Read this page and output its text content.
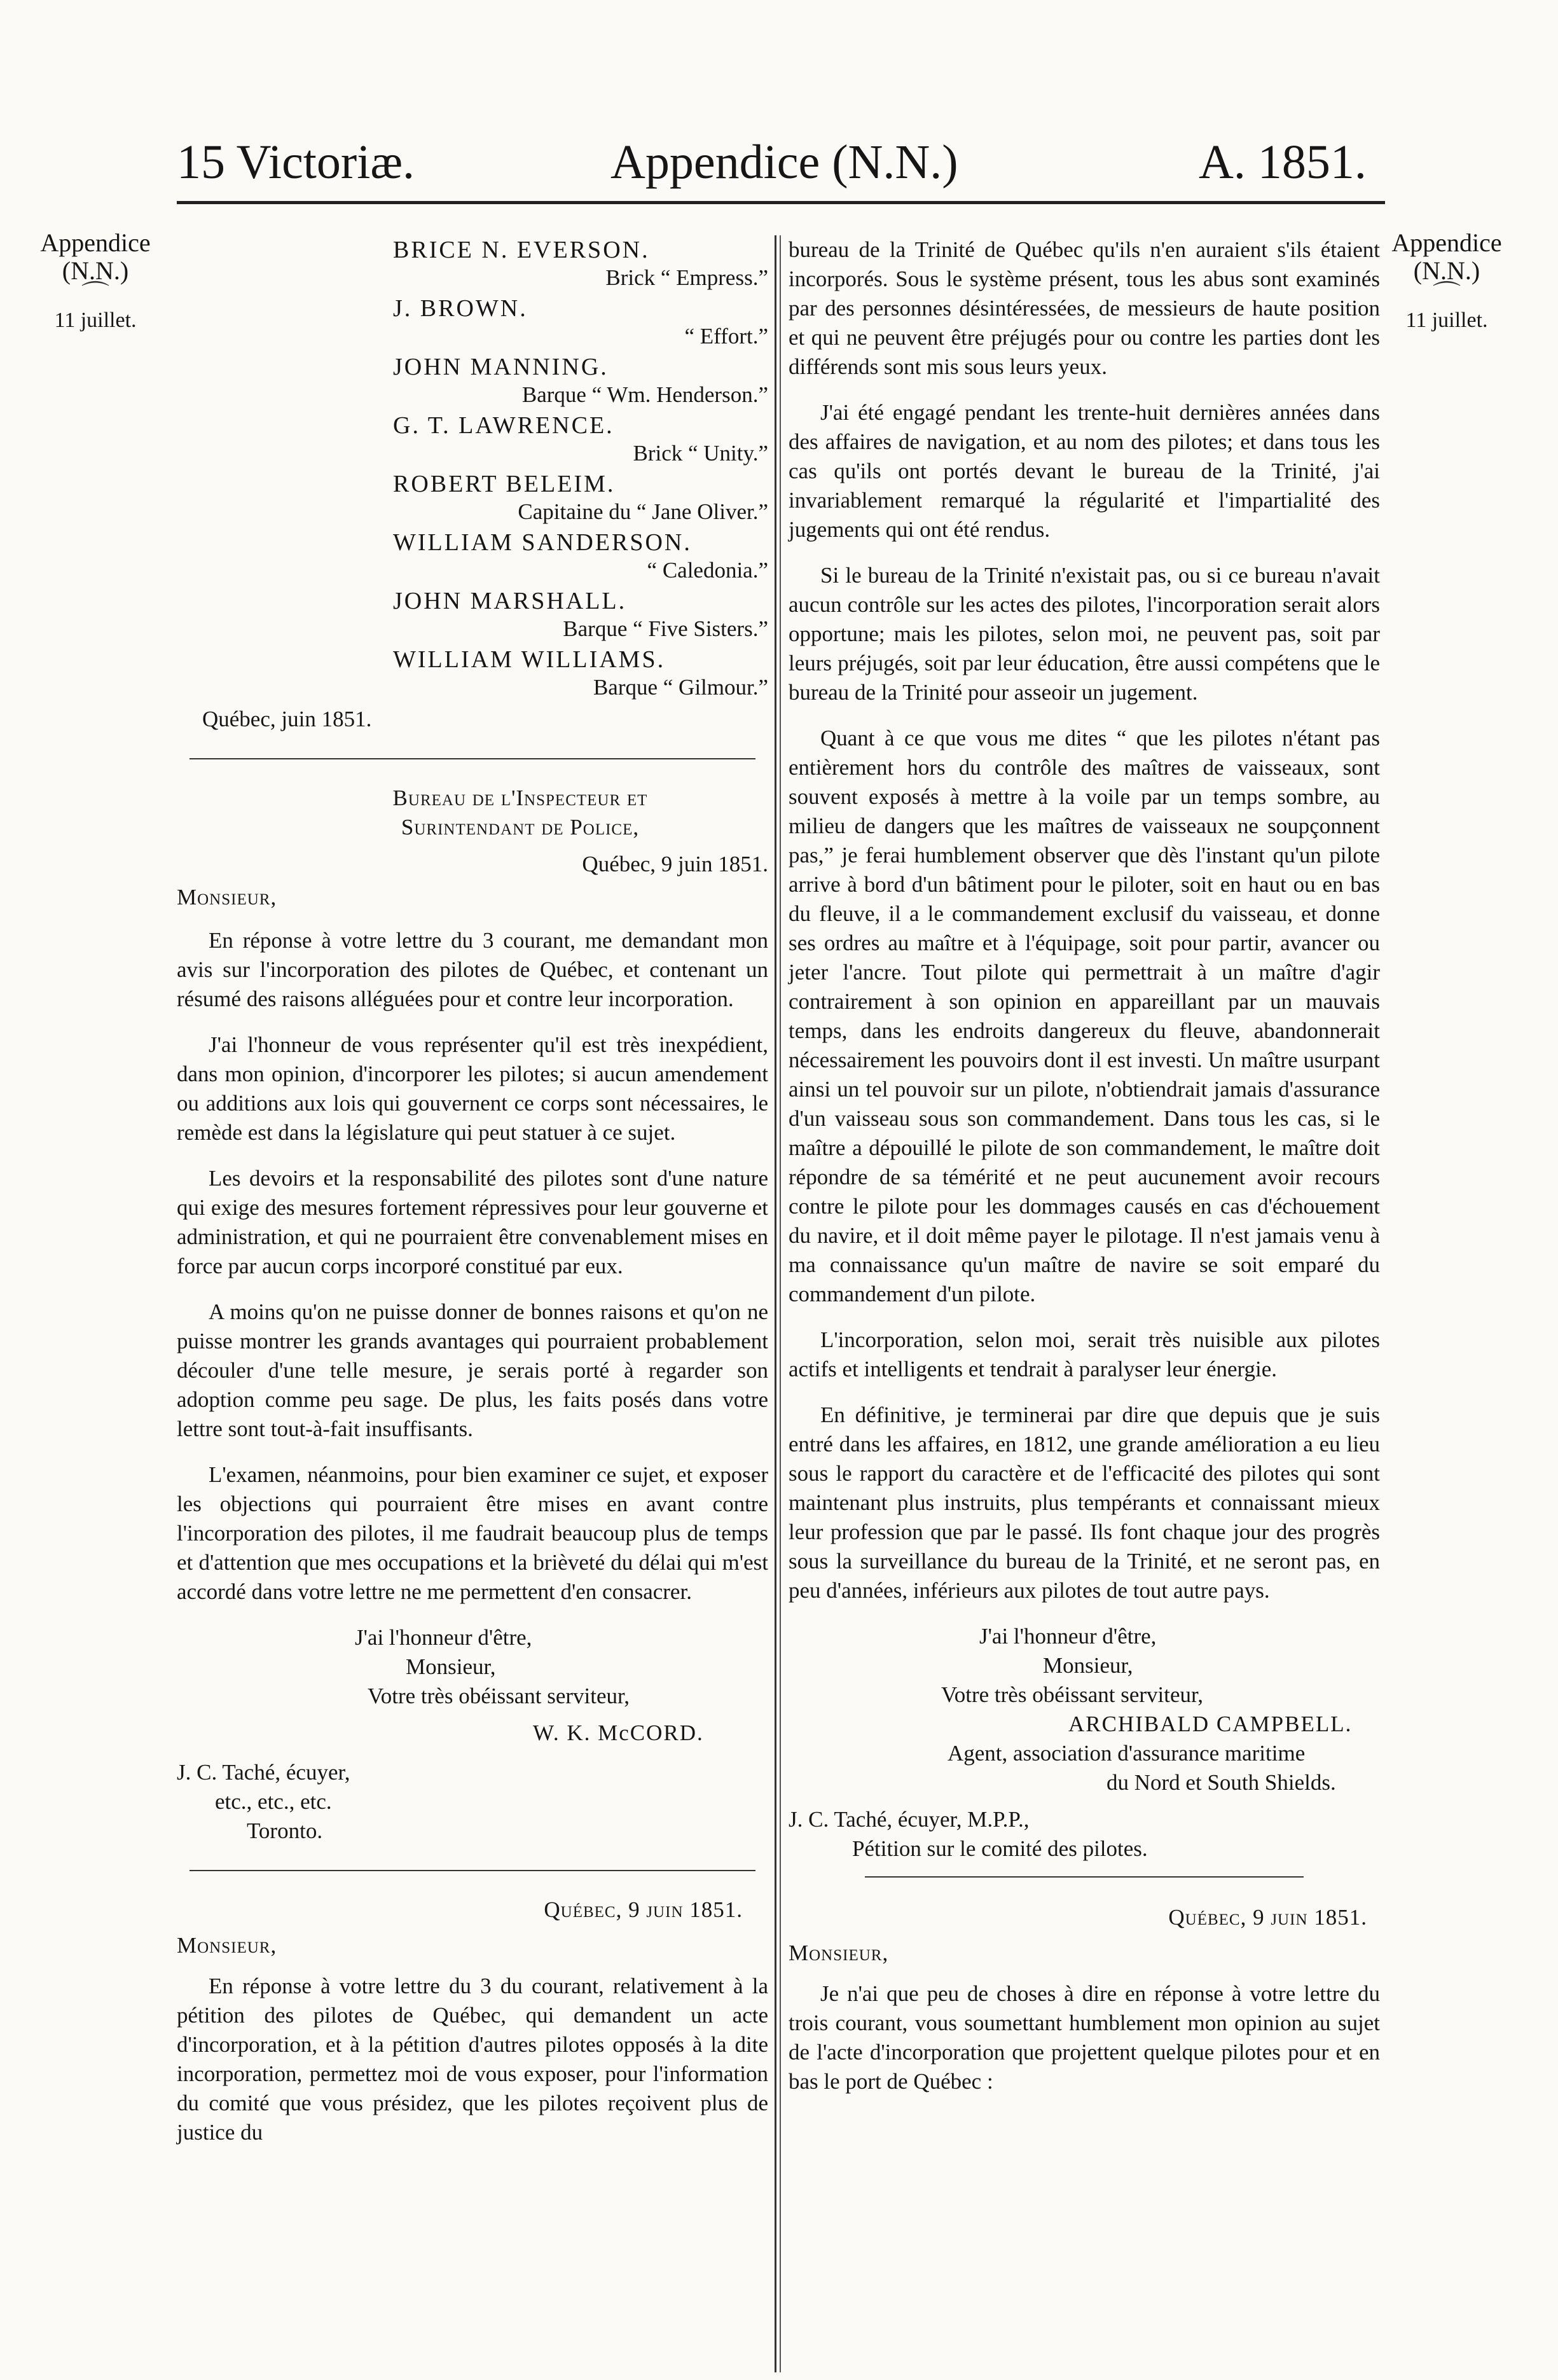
15 Victoriæ.	Appendice (N.N.)	A. 1851.
Appendice
(N.N.)
⌒
11 juillet.
Appendice
(N.N.)
⌒
11 juillet.
BRICE N. EVERSON.
Brick “ Empress.”
J. BROWN.
“ Effort.”
JOHN MANNING.
Barque “ Wm. Henderson.”
G. T. LAWRENCE.
Brick “ Unity.”
ROBERT BELEIM.
Capitaine du “ Jane Oliver.”
WILLIAM SANDERSON.
“ Caledonia.”
JOHN MARSHALL.
Barque “ Five Sisters.”
WILLIAM WILLIAMS.
Barque “ Gilmour.”
Québec, juin 1851.
Bureau de l'Inspecteur et
Surintendant de Police,
Québec, 9 juin 1851.
Monsieur,

En réponse à votre lettre du 3 courant, me demandant mon avis sur l'incorporation des pilotes de Québec, et contenant un résumé des raisons alléguées pour et contre leur incorporation.

J'ai l'honneur de vous représenter qu'il est très inexpédient, dans mon opinion, d'incorporer les pilotes; si aucun amendement ou additions aux lois qui gouvernent ce corps sont nécessaires, le remède est dans la législature qui peut statuer à ce sujet.

Les devoirs et la responsabilité des pilotes sont d'une nature qui exige des mesures fortement répressives pour leur gouverne et administration, et qui ne pourraient être convenablement mises en force par aucun corps incorporé constitué par eux.

A moins qu'on ne puisse donner de bonnes raisons et qu'on ne puisse montrer les grands avantages qui pourraient probablement découler d'une telle mesure, je serais porté à regarder son adoption comme peu sage. De plus, les faits posés dans votre lettre sont tout-à-fait insuffisants.

L'examen, néanmoins, pour bien examiner ce sujet, et exposer les objections qui pourraient être mises en avant contre l'incorporation des pilotes, il me faudrait beaucoup plus de temps et d'attention que mes occupations et la brièveté du délai qui m'est accordé dans votre lettre ne me permettent d'en consacrer.

J'ai l'honneur d'être,
Monsieur,
Votre très obéissant serviteur,
W. K. McCORD.
J. C. Taché, écuyer,
etc., etc., etc.
Toronto.
Québec, 9 juin 1851.
Monsieur,

En réponse à votre lettre du 3 du courant, relativement à la pétition des pilotes de Québec, qui demandent un acte d'incorporation, et à la pétition d'autres pilotes opposés à la dite incorporation, permettez moi de vous exposer, pour l'information du comité que vous présidez, que les pilotes reçoivent plus de justice du

bureau de la Trinité de Québec qu'ils n'en auraient s'ils étaient incorporés. Sous le système présent, tous les abus sont examinés par des personnes désintéressées, de messieurs de haute position et qui ne peuvent être préjugés pour ou contre les parties dont les différends sont mis sous leurs yeux.

J'ai été engagé pendant les trente-huit dernières années dans des affaires de navigation, et au nom des pilotes; et dans tous les cas qu'ils ont portés devant le bureau de la Trinité, j'ai invariablement remarqué la régularité et l'impartialité des jugements qui ont été rendus.

Si le bureau de la Trinité n'existait pas, ou si ce bureau n'avait aucun contrôle sur les actes des pilotes, l'incorporation serait alors opportune; mais les pilotes, selon moi, ne peuvent pas, soit par leurs préjugés, soit par leur éducation, être aussi compétens que le bureau de la Trinité pour asseoir un jugement.

Quant à ce que vous me dites “ que les pilotes n'étant pas entièrement hors du contrôle des maîtres de vaisseaux, sont souvent exposés à mettre à la voile par un temps sombre, au milieu de dangers que les maîtres de vaisseaux ne soupçonnent pas,” je ferai humblement observer que dès l'instant qu'un pilote arrive à bord d'un bâtiment pour le piloter, soit en haut ou en bas du fleuve, il a le commandement exclusif du vaisseau, et donne ses ordres au maître et à l'équipage, soit pour partir, avancer ou jeter l'ancre. Tout pilote qui permettrait à un maître d'agir contrairement à son opinion en appareillant par un mauvais temps, dans les endroits dangereux du fleuve, abandonnerait nécessairement les pouvoirs dont il est investi. Un maître usurpant ainsi un tel pouvoir sur un pilote, n'obtiendrait jamais d'assurance d'un vaisseau sous son commandement. Dans tous les cas, si le maître a dépouillé le pilote de son commandement, le maître doit répondre de sa témérité et ne peut aucunement avoir recours contre le pilote pour les dommages causés en cas d'échouement du navire, et il doit même payer le pilotage. Il n'est jamais venu à ma connaissance qu'un maître de navire se soit emparé du commandement d'un pilote.

L'incorporation, selon moi, serait très nuisible aux pilotes actifs et intelligents et tendrait à paralyser leur énergie.

En définitive, je terminerai par dire que depuis que je suis entré dans les affaires, en 1812, une grande amélioration a eu lieu sous le rapport du caractère et de l'efficacité des pilotes qui sont maintenant plus instruits, plus tempérants et connaissant mieux leur profession que par le passé. Ils font chaque jour des progrès sous la surveillance du bureau de la Trinité, et ne seront pas, en peu d'années, inférieurs aux pilotes de tout autre pays.

J'ai l'honneur d'être,
Monsieur,
Votre très obéissant serviteur,
ARCHIBALD CAMPBELL.
Agent, association d'assurance maritime
du Nord et South Shields.
J. C. Taché, écuyer, M.P.P.,
Pétition sur le comité des pilotes.
Québec, 9 juin 1851.
Monsieur,

Je n'ai que peu de choses à dire en réponse à votre lettre du trois courant, vous soumettant humblement mon opinion au sujet de l'acte d'incorporation que projettent quelque pilotes pour et en bas le port de Québec :
